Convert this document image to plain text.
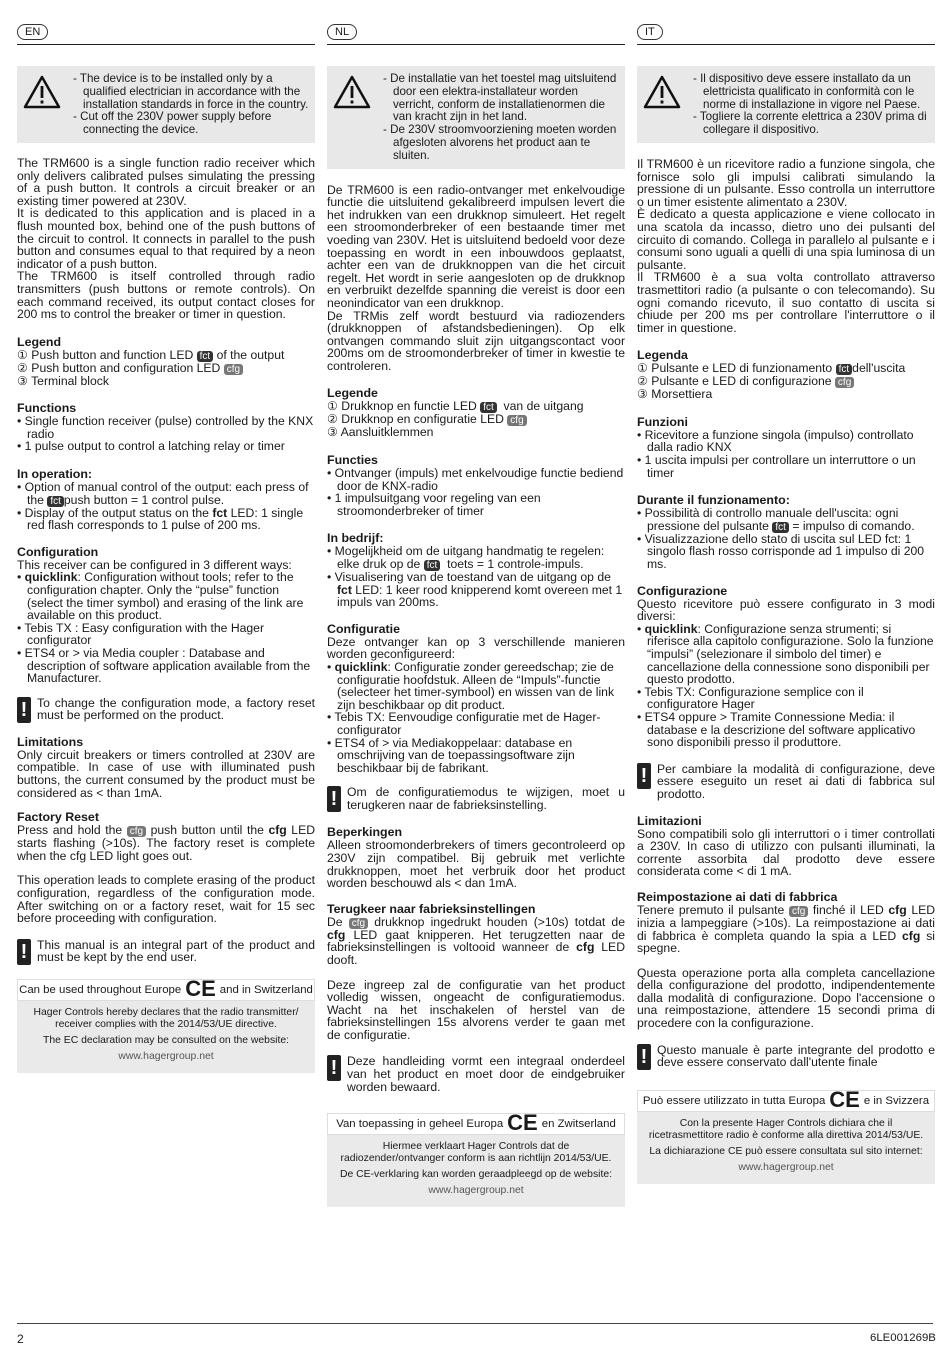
EN
- The device is to be installed only by a qualified electrician in accordance with the installation standards in force in the country.
- Cut off the 230V power supply before connecting the device.

The TRM600 is a single function radio receiver which only delivers calibrated pulses simulating the pressing of a push button. It controls a circuit breaker or an existing timer powered at 230V.

It is dedicated to this application and is placed in a flush mounted box, behind one of the push buttons of the circuit to control. It connects in parallel to the push button and consumes equal to that required by a neon indicator of a push button.

The TRM600 is itself controlled through radio transmitters (push buttons or remote controls). On each command received, its output contact closes for 200 ms to control the breaker or timer in question.

Legend
① Push button and function LED fct of the output
② Push button and configuration LED cfg
③ Terminal block
Functions
• Single function receiver (pulse) controlled by the KNX radio
• 1 pulse output to control a latching relay or timer
In operation:
• Option of manual control of the output: each press of the fct push button = 1 control pulse.
• Display of the output status on the fct LED: 1 single red flash corresponds to 1 pulse of 200 ms.
Configuration

This receiver can be configured in 3 different ways:

• quicklink: Configuration without tools; refer to the configuration chapter. Only the “pulse” function (select the timer symbol) and erasing of the link are available on this product.
• Tebis TX : Easy configuration with the Hager configurator
• ETS4 or > via Media coupler : Database and description of software application available from the Manufacturer.
! To change the configuration mode, a factory reset must be performed on the product.

Limitations

Only circuit breakers or timers controlled at 230V are compatible. In case of use with illuminated push buttons, the current consumed by the product must be considered as < than 1mA.

Factory Reset

Press and hold the cfg push button until the cfg LED starts flashing (>10s). The factory reset is complete when the cfg LED light goes out.

This operation leads to complete erasing of the product configuration, regardless of the configuration mode. After switching on or a factory reset, wait for 15 sec before proceeding with configuration.

! This manual is an integral part of the product and must be kept by the end user.

Can be used throughout Europe CE and in Switzerland

Hager Controls hereby declares that the radio transmitter/ receiver complies with the 2014/53/UE directive.

The EC declaration may be consulted on the website:

www.hagergroup.net

NL
- De installatie van het toestel mag uitsluitend door een elektra-installateur worden verricht, conform de installatienormen die van kracht zijn in het land.
- De 230V stroomvoorziening moeten worden afgesloten alvorens het product aan te sluiten.

De TRM600 is een radio-ontvanger met enkelvoudige functie die uitsluitend gekalibreerd impulsen levert die het indrukken van een drukknop simuleert. Het regelt een stroomonderbreker of een bestaande timer met voeding van 230V. Het is uitsluitend bedoeld voor deze toepassing en wordt in een inbouwdoos geplaatst, achter een van de drukknoppen van die het circuit regelt. Het wordt in serie aangesloten op de drukknop en verbruikt dezelfde spanning die vereist is door een neonindicator van een drukknop.

De TRMis zelf wordt bestuurd via radiozenders (drukknoppen of afstandsbedieningen). Op elk ontvangen commando sluit zijn uitgangscontact voor 200ms om de stroomonderbreker of timer in kwestie te controleren.

Legende
① Drukknop en functie LED fct van de uitgang
② Drukknop en configuratie LED cfg
③ Aansluitklemmen
Functies
• Ontvanger (impuls) met enkelvoudige functie bediend door de KNX-radio
• 1 impulsuitgang voor regeling van een stroomonderbreker of timer
In bedrijf:
• Mogelijkheid om de uitgang handmatig te regelen: elke druk op de fct toets = 1 controle-impuls.
• Visualisering van de toestand van de uitgang op de fct LED: 1 keer rood knipperend komt overeen met 1 impuls van 200ms.
Configuratie

Deze ontvanger kan op 3 verschillende manieren worden geconfigureerd:

• quicklink: Configuratie zonder gereedschap; zie de configuratie hoofdstuk. Alleen de “Impuls”-functie (selecteer het timer-symbool) en wissen van de link zijn beschikbaar op dit product.
• Tebis TX: Eenvoudige configuratie met de Hager-configurator
• ETS4 of > via Mediakoppelaar: database en omschrijving van de toepassingsoftware zijn beschikbaar bij de fabrikant.
! Om de configuratiemodus te wijzigen, moet u terugkeren naar de fabrieksinstelling.

Beperkingen

Alleen stroomonderbrekers of timers gecontroleerd op 230V zijn compatibel. Bij gebruik met verlichte drukknoppen, moet het verbruik door het product worden beschouwd als < dan 1mA.

Terugkeer naar fabrieksinstellingen

De cfg drukknop ingedrukt houden (>10s) totdat de cfg LED gaat knipperen. Het terugzetten naar de fabrieksinstellingen is voltooid wanneer de cfg LED dooft.

Deze ingreep zal de configuratie van het product volledig wissen, ongeacht de configuratiemodus. Wacht na het inschakelen of herstel van de fabrieksinstellingen 15s alvorens verder te gaan met de configuratie.

! Deze handleiding vormt een integraal onderdeel van het product en moet door de eindgebruiker worden bewaard.

Van toepassing in geheel Europa CE en Zwitserland

Hiermee verklaart Hager Controls dat de radiozender/ontvanger conform is aan richtlijn 2014/53/UE.

De CE-verklaring kan worden geraadpleegd op de website:

www.hagergroup.net

IT
- Il dispositivo deve essere installato da un elettricista qualificato in conformità con le norme di installazione in vigore nel Paese.
- Togliere la corrente elettrica a 230V prima di collegare il dispositivo.

Il TRM600 è un ricevitore radio a funzione singola, che fornisce solo gli impulsi calibrati simulando la pressione di un pulsante. Esso controlla un interruttore o un timer esistente alimentato a 230V.

È dedicato a questa applicazione e viene collocato in una scatola da incasso, dietro uno dei pulsanti del circuito di comando. Collega in parallelo al pulsante e i consumi sono uguali a quelli di una spia luminosa di un pulsante.

Il TRM600 è a sua volta controllato attraverso trasmettitori radio (a pulsante o con telecomando). Su ogni comando ricevuto, il suo contatto di uscita si chiude per 200 ms per controllare l'interruttore o il timer in questione.

Legenda
① Pulsante e LED di funzionamento fct dell'uscita
② Pulsante e LED di configurazione cfg
③ Morsettiera
Funzioni
• Ricevitore a funzione singola (impulso) controllato dalla radio KNX
• 1 uscita impulsi per controllare un interruttore o un timer
Durante il funzionamento:
• Possibilità di controllo manuale dell'uscita: ogni pressione del pulsante fct = impulso di comando.
• Visualizzazione dello stato di uscita sul LED fct: 1 singolo flash rosso corrisponde ad 1 impulso di 200 ms.
Configurazione

Questo ricevitore può essere configurato in 3 modi diversi:

• quicklink: Configurazione senza strumenti; si riferisce alla capitolo configurazione. Solo la funzione “impulsi” (selezionare il simbolo del timer) e cancellazione della connessione sono disponibili per questo prodotto.
• Tebis TX: Configurazione semplice con il configuratore Hager
• ETS4 oppure > Tramite Connessione Media: il database e la descrizione del software applicativo sono disponibili presso il produttore.
! Per cambiare la modalità di configurazione, deve essere eseguito un reset ai dati di fabbrica sul prodotto.

Limitazioni

Sono compatibili solo gli interruttori o i timer controllati a 230V. In caso di utilizzo con pulsanti illuminati, la corrente assorbita dal prodotto deve essere considerata come < di 1 mA.

Reimpostazione ai dati di fabbrica

Tenere premuto il pulsante cfg finché il LED cfg LED inizia a lampeggiare (>10s). La reimpostazione ai dati di fabbrica è completa quando la spia a LED cfg si spegne.

Questa operazione porta alla completa cancellazione della configurazione del prodotto, indipendentemente dalla modalità di configurazione. Dopo l'accensione o una reimpostazione, attendere 15 secondi prima di procedere con la configurazione.

! Questo manuale è parte integrante del prodotto e deve essere conservato dall'utente finale

Può essere utilizzato in tutta Europa CE e in Svizzera

Con la presente Hager Controls dichiara che il ricetrasmettitore radio è conforme alla direttiva 2014/53/UE.

La dichiarazione CE può essere consultata sul sito internet:

www.hagergroup.net

2	6LE001269B
